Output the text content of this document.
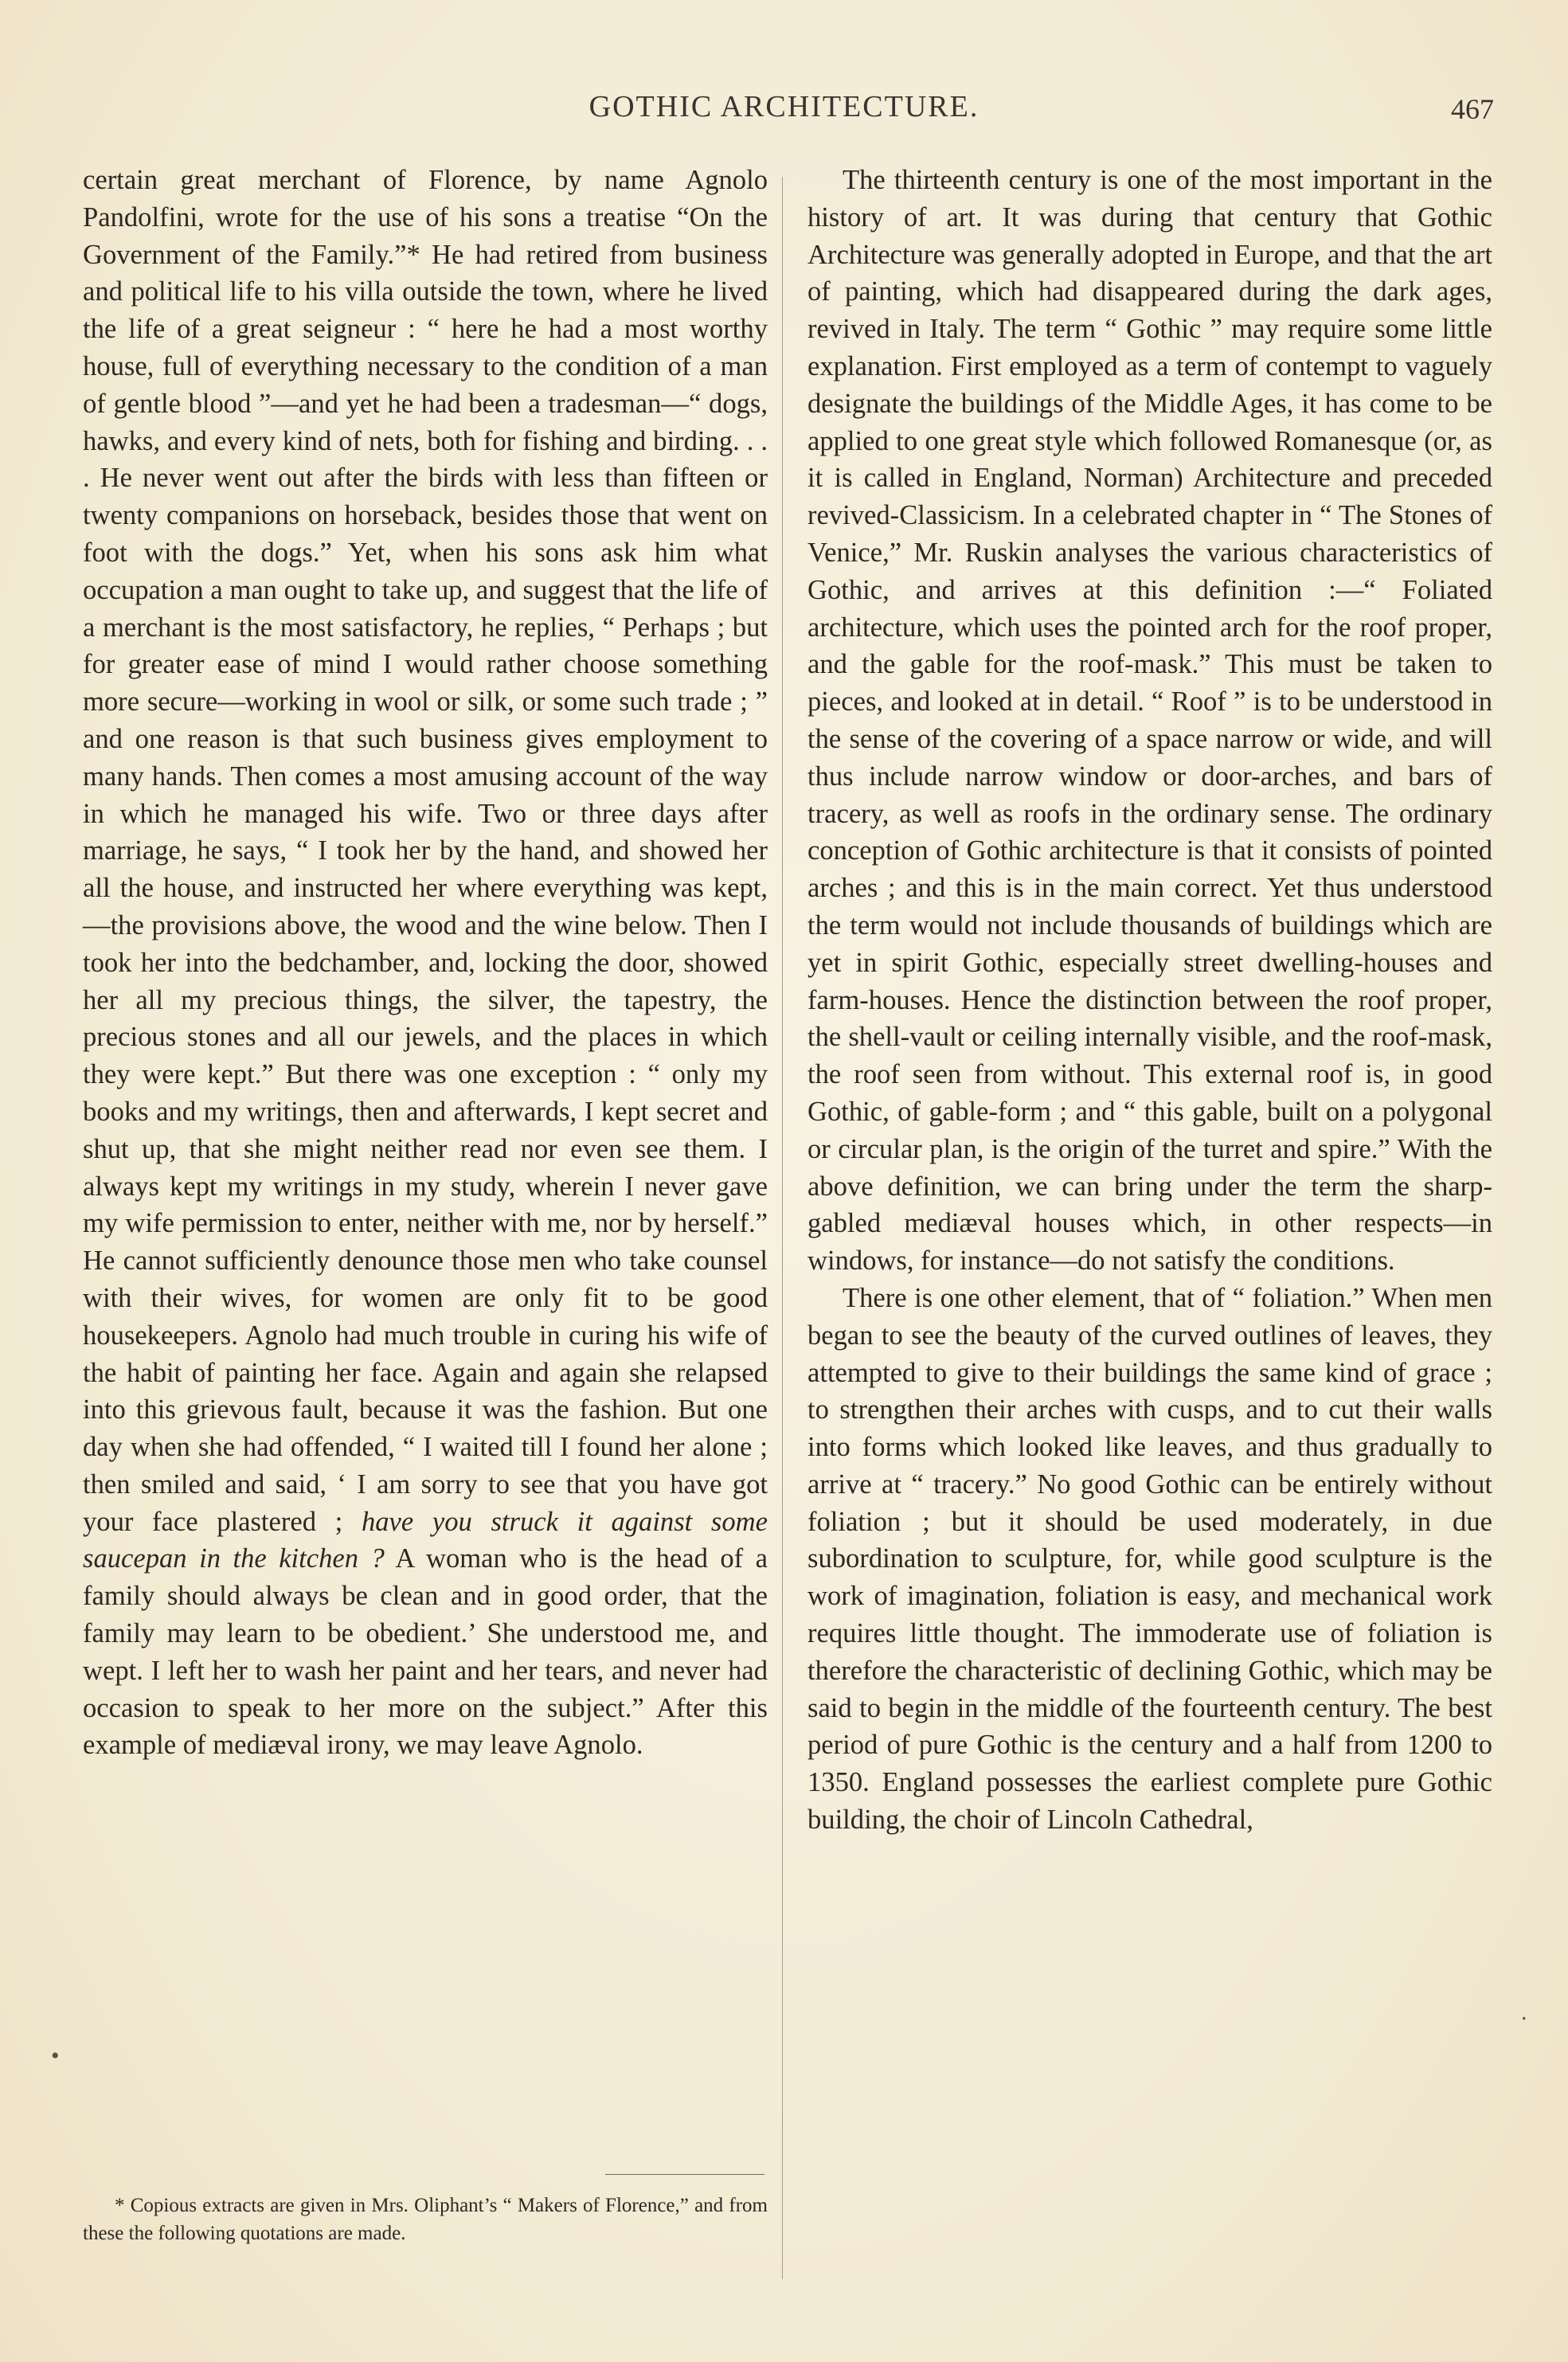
GOTHIC ARCHITECTURE.	467

certain great merchant of Florence, by name Agnolo Pandolfini, wrote for the use of his sons a treatise “On the Government of the Family.”* He had retired from business and political life to his villa outside the town, where he lived the life of a great seigneur : “ here he had a most worthy house, full of everything necessary to the condition of a man of gentle blood ”—and yet he had been a tradesman—“ dogs, hawks, and every kind of nets, both for fishing and birding. . . . He never went out after the birds with less than fifteen or twenty companions on horseback, besides those that went on foot with the dogs.” Yet, when his sons ask him what occupation a man ought to take up, and suggest that the life of a merchant is the most satisfactory, he replies, “ Perhaps ; but for greater ease of mind I would rather choose something more secure—working in wool or silk, or some such trade ; ” and one reason is that such business gives employment to many hands. Then comes a most amusing account of the way in which he managed his wife. Two or three days after marriage, he says, “ I took her by the hand, and showed her all the house, and instructed her where everything was kept,—the provisions above, the wood and the wine below. Then I took her into the bedchamber, and, locking the door, showed her all my precious things, the silver, the tapestry, the precious stones and all our jewels, and the places in which they were kept.” But there was one exception : “ only my books and my writings, then and afterwards, I kept secret and shut up, that she might neither read nor even see them. I always kept my writings in my study, wherein I never gave my wife permission to enter, neither with me, nor by herself.” He cannot sufficiently denounce those men who take counsel with their wives, for women are only fit to be good housekeepers. Agnolo had much trouble in curing his wife of the habit of painting her face. Again and again she relapsed into this grievous fault, because it was the fashion. But one day when she had offended, “ I waited till I found her alone ; then smiled and said, ‘ I am sorry to see that you have got your face plastered ; have you struck it against some saucepan in the kitchen ? A woman who is the head of a family should always be clean and in good order, that the family may learn to be obedient.’ She understood me, and wept. I left her to wash her paint and her tears, and never had occasion to speak to her more on the subject.” After this example of mediæval irony, we may leave Agnolo.

The thirteenth century is one of the most important in the history of art. It was during that century that Gothic Architecture was generally adopted in Europe, and that the art of painting, which had disappeared during the dark ages, revived in Italy. The term “ Gothic ” may require some little explanation. First employed as a term of contempt to vaguely designate the buildings of the Middle Ages, it has come to be applied to one great style which followed Romanesque (or, as it is called in England, Norman) Architecture and preceded revived-Classicism. In a celebrated chapter in “ The Stones of Venice,” Mr. Ruskin analyses the various characteristics of Gothic, and arrives at this definition :—“ Foliated architecture, which uses the pointed arch for the roof proper, and the gable for the roof-mask.” This must be taken to pieces, and looked at in detail. “ Roof ” is to be understood in the sense of the covering of a space narrow or wide, and will thus include narrow window or door-arches, and bars of tracery, as well as roofs in the ordinary sense. The ordinary conception of Gothic architecture is that it consists of pointed arches ; and this is in the main correct. Yet thus understood the term would not include thousands of buildings which are yet in spirit Gothic, especially street dwelling-houses and farm-houses. Hence the distinction between the roof proper, the shell-vault or ceiling internally visible, and the roof-mask, the roof seen from without. This external roof is, in good Gothic, of gable-form ; and “ this gable, built on a polygonal or circular plan, is the origin of the turret and spire.” With the above definition, we can bring under the term the sharp-gabled mediæval houses which, in other respects—in windows, for instance—do not satisfy the conditions.

There is one other element, that of “ foliation.” When men began to see the beauty of the curved outlines of leaves, they attempted to give to their buildings the same kind of grace ; to strengthen their arches with cusps, and to cut their walls into forms which looked like leaves, and thus gradually to arrive at “ tracery.” No good Gothic can be entirely without foliation ; but it should be used moderately, in due subordination to sculpture, for, while good sculpture is the work of imagination, foliation is easy, and mechanical work requires little thought. The immoderate use of foliation is therefore the characteristic of declining Gothic, which may be said to begin in the middle of the fourteenth century. The best period of pure Gothic is the century and a half from 1200 to 1350. England possesses the earliest complete pure Gothic building, the choir of Lincoln Cathedral,

* Copious extracts are given in Mrs. Oliphant’s “ Makers of Florence,” and from these the following quotations are made.
•
.
